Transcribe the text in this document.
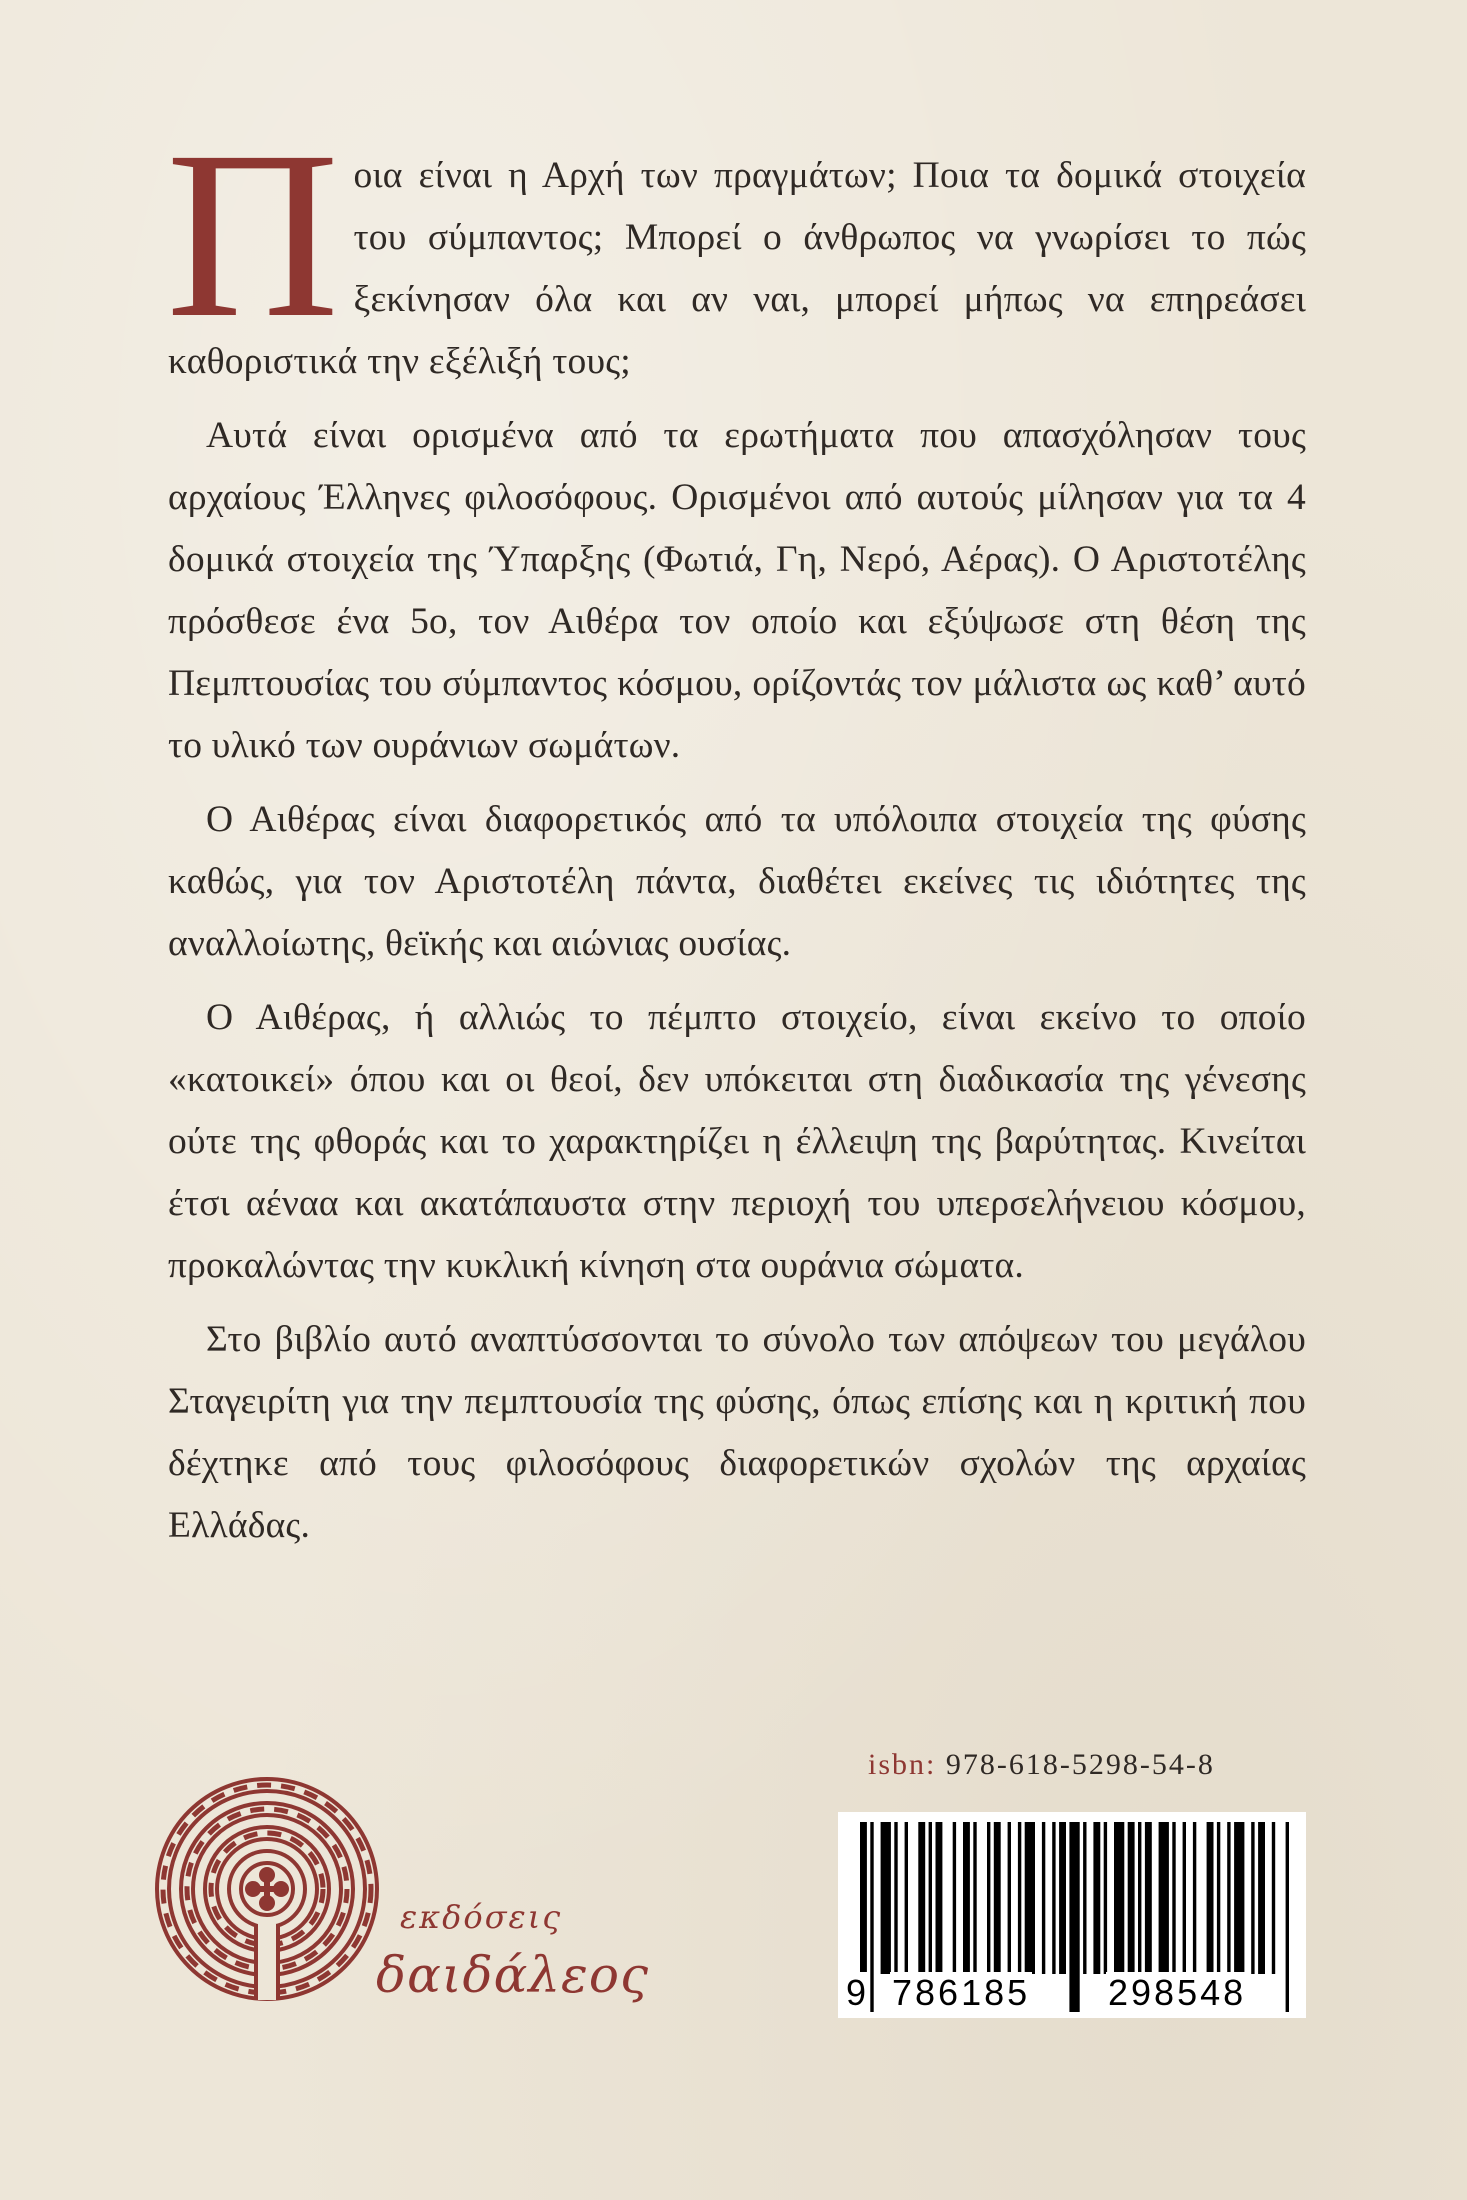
Ποια είναι η Αρχή των πραγμάτων; Ποια τα δομικά στοιχεία του σύμπαντος; Μπορεί ο άνθρωπος να γνωρίσει το πώς ξεκίνησαν όλα και αν ναι, μπορεί μήπως να επηρεάσει καθοριστικά την εξέλιξή τους;

Αυτά είναι ορισμένα από τα ερωτήματα που απασχόλησαν τους αρχαίους Έλληνες φιλοσόφους. Ορισμένοι από αυτούς μίλησαν για τα 4 δομικά στοιχεία της Ύπαρξης (Φωτιά, Γη, Νερό, Αέρας). Ο Αριστοτέλης πρόσθεσε ένα 5ο, τον Αιθέρα τον οποίο και εξύψωσε στη θέση της Πεμπτουσίας του σύμπαντος κόσμου, ορίζοντάς τον μάλιστα ως καθ’ αυτό το υλικό των ουράνιων σωμάτων.

Ο Αιθέρας είναι διαφορετικός από τα υπόλοιπα στοιχεία της φύσης καθώς, για τον Αριστοτέλη πάντα, διαθέτει εκείνες τις ιδιότητες της αναλλοίωτης, θεϊκής και αιώνιας ουσίας.

Ο Αιθέρας, ή αλλιώς το πέμπτο στοιχείο, είναι εκείνο το οποίο «κατοικεί» όπου και οι θεοί, δεν υπόκειται στη διαδικασία της γένεσης ούτε της φθοράς και το χαρακτηρίζει η έλλειψη της βαρύτητας. Κινείται έτσι αέναα και ακατάπαυστα στην περιοχή του υπερσελήνειου κόσμου, προκαλώντας την κυκλική κίνηση στα ουράνια σώματα.

Στο βιβλίο αυτό αναπτύσσονται το σύνολο των απόψεων του μεγάλου Σταγειρίτη για την πεμπτουσία της φύσης, όπως επίσης και η κριτική που δέχτηκε από τους φιλοσόφους διαφορετικών σχολών της αρχαίας Ελλάδας.

isbn: 978-618-5298-54-8
9 786185 298548
εκδόσεις
δαιδάλεος
